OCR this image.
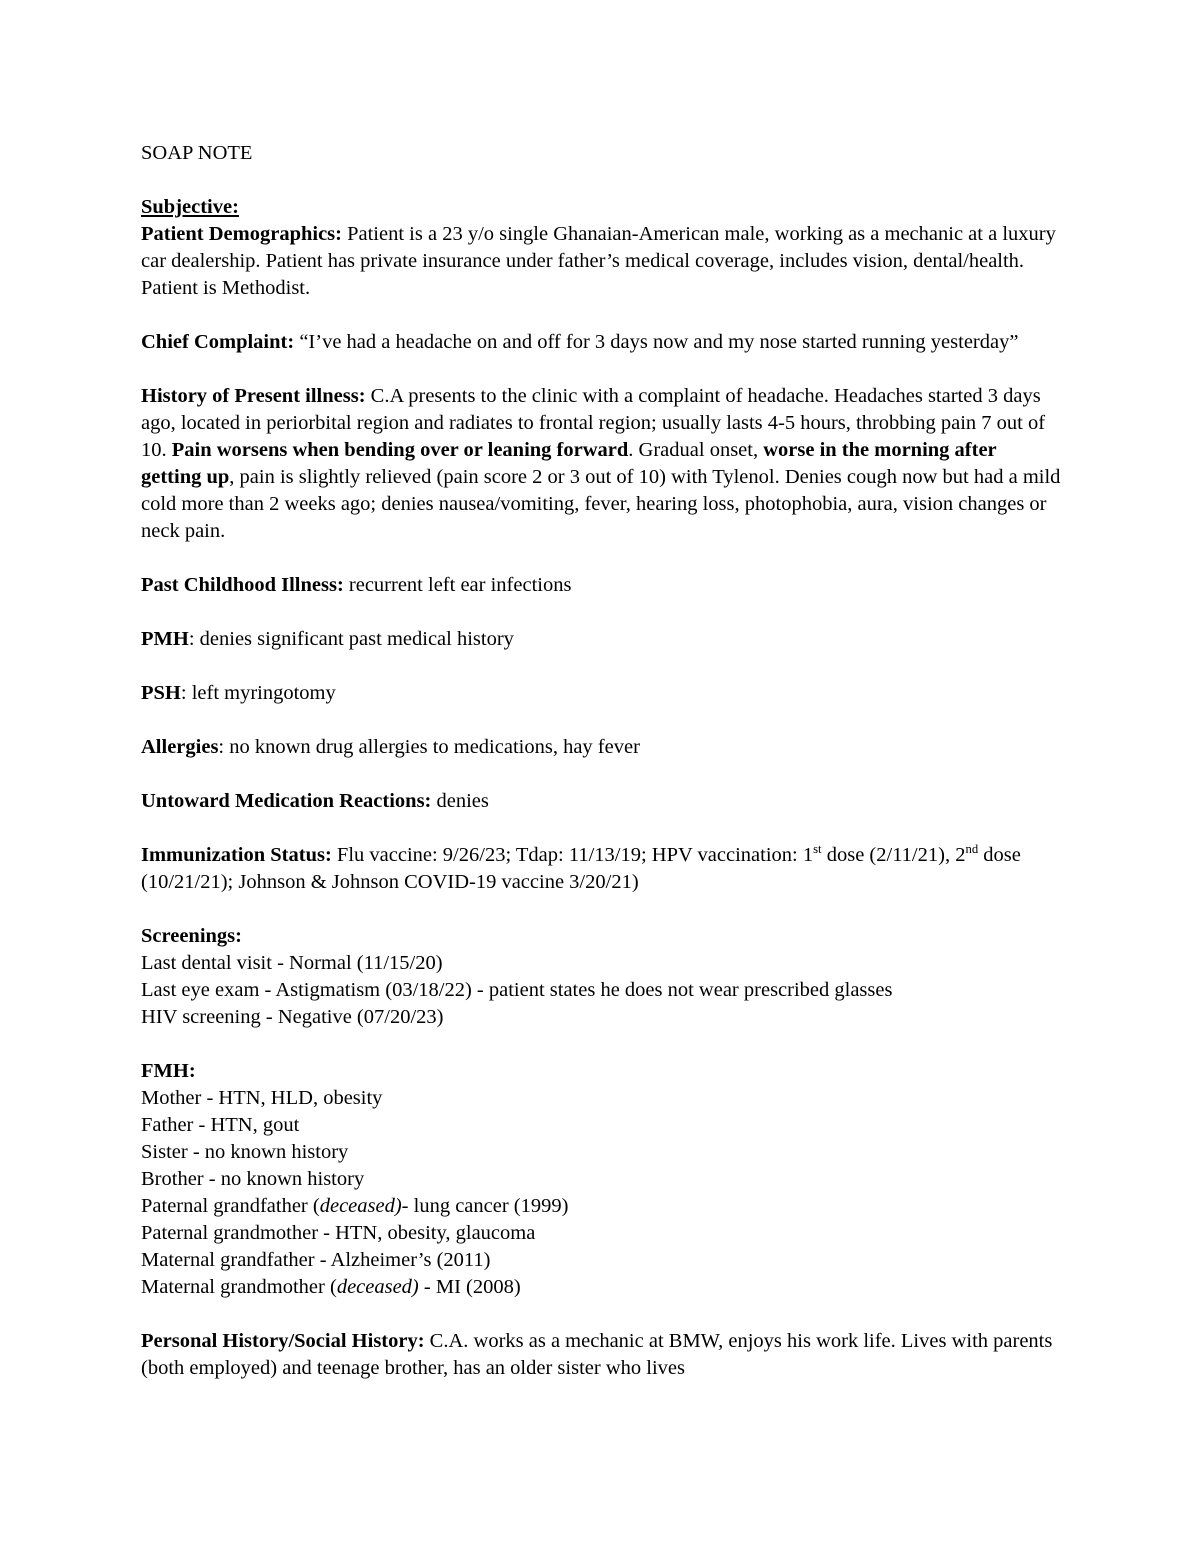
SOAP NOTE
Subjective:
Patient Demographics: Patient is a 23 y/o single Ghanaian-American male, working as a mechanic at a luxury car dealership. Patient has private insurance under father’s medical coverage, includes vision, dental/health. Patient is Methodist.
Chief Complaint: “I’ve had a headache on and off for 3 days now and my nose started running yesterday”
History of Present illness: C.A presents to the clinic with a complaint of headache. Headaches started 3 days ago, located in periorbital region and radiates to frontal region; usually lasts 4-5 hours, throbbing pain 7 out of 10. Pain worsens when bending over or leaning forward. Gradual onset, worse in the morning after getting up, pain is slightly relieved (pain score 2 or 3 out of 10) with Tylenol. Denies cough now but had a mild cold more than 2 weeks ago; denies nausea/vomiting, fever, hearing loss, photophobia, aura, vision changes or neck pain.
Past Childhood Illness: recurrent left ear infections
PMH: denies significant past medical history
PSH: left myringotomy
Allergies: no known drug allergies to medications, hay fever
Untoward Medication Reactions: denies
Immunization Status: Flu vaccine: 9/26/23; Tdap: 11/13/19; HPV vaccination: 1st dose (2/11/21), 2nd dose (10/21/21); Johnson & Johnson COVID-19 vaccine 3/20/21)
Screenings:
Last dental visit - Normal (11/15/20)
Last eye exam - Astigmatism (03/18/22) - patient states he does not wear prescribed glasses
HIV screening - Negative (07/20/23)
FMH:
Mother - HTN, HLD, obesity
Father - HTN, gout
Sister - no known history
Brother - no known history
Paternal grandfather (deceased)- lung cancer (1999)
Paternal grandmother - HTN, obesity, glaucoma
Maternal grandfather - Alzheimer’s (2011)
Maternal grandmother (deceased) - MI (2008)
Personal History/Social History: C.A. works as a mechanic at BMW, enjoys his work life. Lives with parents (both employed) and teenage brother, has an older sister who lives
